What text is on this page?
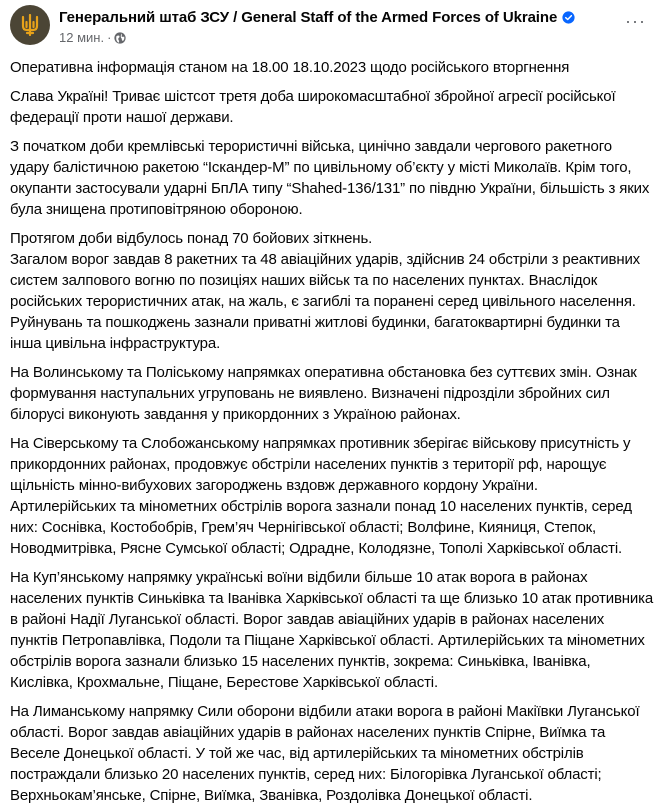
Генеральний штаб ЗСУ / General Staff of the Armed Forces of Ukraine
12 мин. ·
···

Оперативна інформація станом на 18.00 18.10.2023 щодо російського вторгнення

Слава Україні! Триває шістсот третя доба широкомасштабної збройної агресії російської федерації проти нашої держави.

З початком доби кремлівські терористичні війська, цинічно завдали чергового ракетного удару балістичною ракетою “Іскандер-М” по цивільному об’єкту у місті Миколаїв. Крім того, окупанти застосували ударні БпЛА типу “Shahed-136/131” по півдню України, більшість з яких була знищена протиповітряною обороною.

Протягом доби відбулось понад 70 бойових зіткнень.
Загалом ворог завдав 8 ракетних та 48 авіаційних ударів, здійснив 24 обстріли з реактивних систем залпового вогню по позиціях наших військ та по населених пунктах. Внаслідок російських терористичних атак, на жаль, є загиблі та поранені серед цивільного населення. Руйнувань та пошкоджень зазнали приватні житлові будинки, багатоквартирні будинки та інша цивільна інфраструктура.

На Волинському та Поліському напрямках оперативна обстановка без суттєвих змін. Ознак формування наступальних угруповань не виявлено. Визначені підрозділи збройних сил білорусі виконують завдання у прикордонних з Україною районах.

На Сіверському та Слобожанському напрямках противник зберігає військову присутність у прикордонних районах, продовжує обстріли населених пунктів з території рф, нарощує щільність мінно-вибухових загороджень вздовж державного кордону України.
Артилерійських та мінометних обстрілів ворога зазнали понад 10 населених пунктів, серед них: Соснівка, Костобобрів, Грем’яч Чернігівської області; Волфине, Кияниця, Степок, Новодмитрівка, Рясне Сумської області; Одрадне, Колодязне, Тополі Харківської області.

На Куп’янському напрямку українські воїни відбили більше 10 атак ворога в районах населених пунктів Синьківка та Іванівка Харківської області та ще близько 10 атак противника в районі Надії Луганської області. Ворог завдав авіаційних ударів в районах населених пунктів Петропавлівка, Подоли та Піщане Харківської області. Артилерійських та мінометних обстрілів ворога зазнали близько 15 населених пунктів, зокрема: Синьківка, Іванівка, Кислівка, Крохмальне, Піщане, Берестове Харківської області.

На Лиманському напрямку Сили оборони відбили атаки ворога в районі Макіївки Луганської області. Ворог завдав авіаційних ударів в районах населених пунктів Спірне, Виїмка та Веселе Донецької області. У той же час, від артилерійських та мінометних обстрілів постраждали близько 20 населених пунктів, серед них: Білогорівка Луганської області; Верхньокам’янське, Спірне, Виїмка, Званівка, Роздолівка Донецької області.
